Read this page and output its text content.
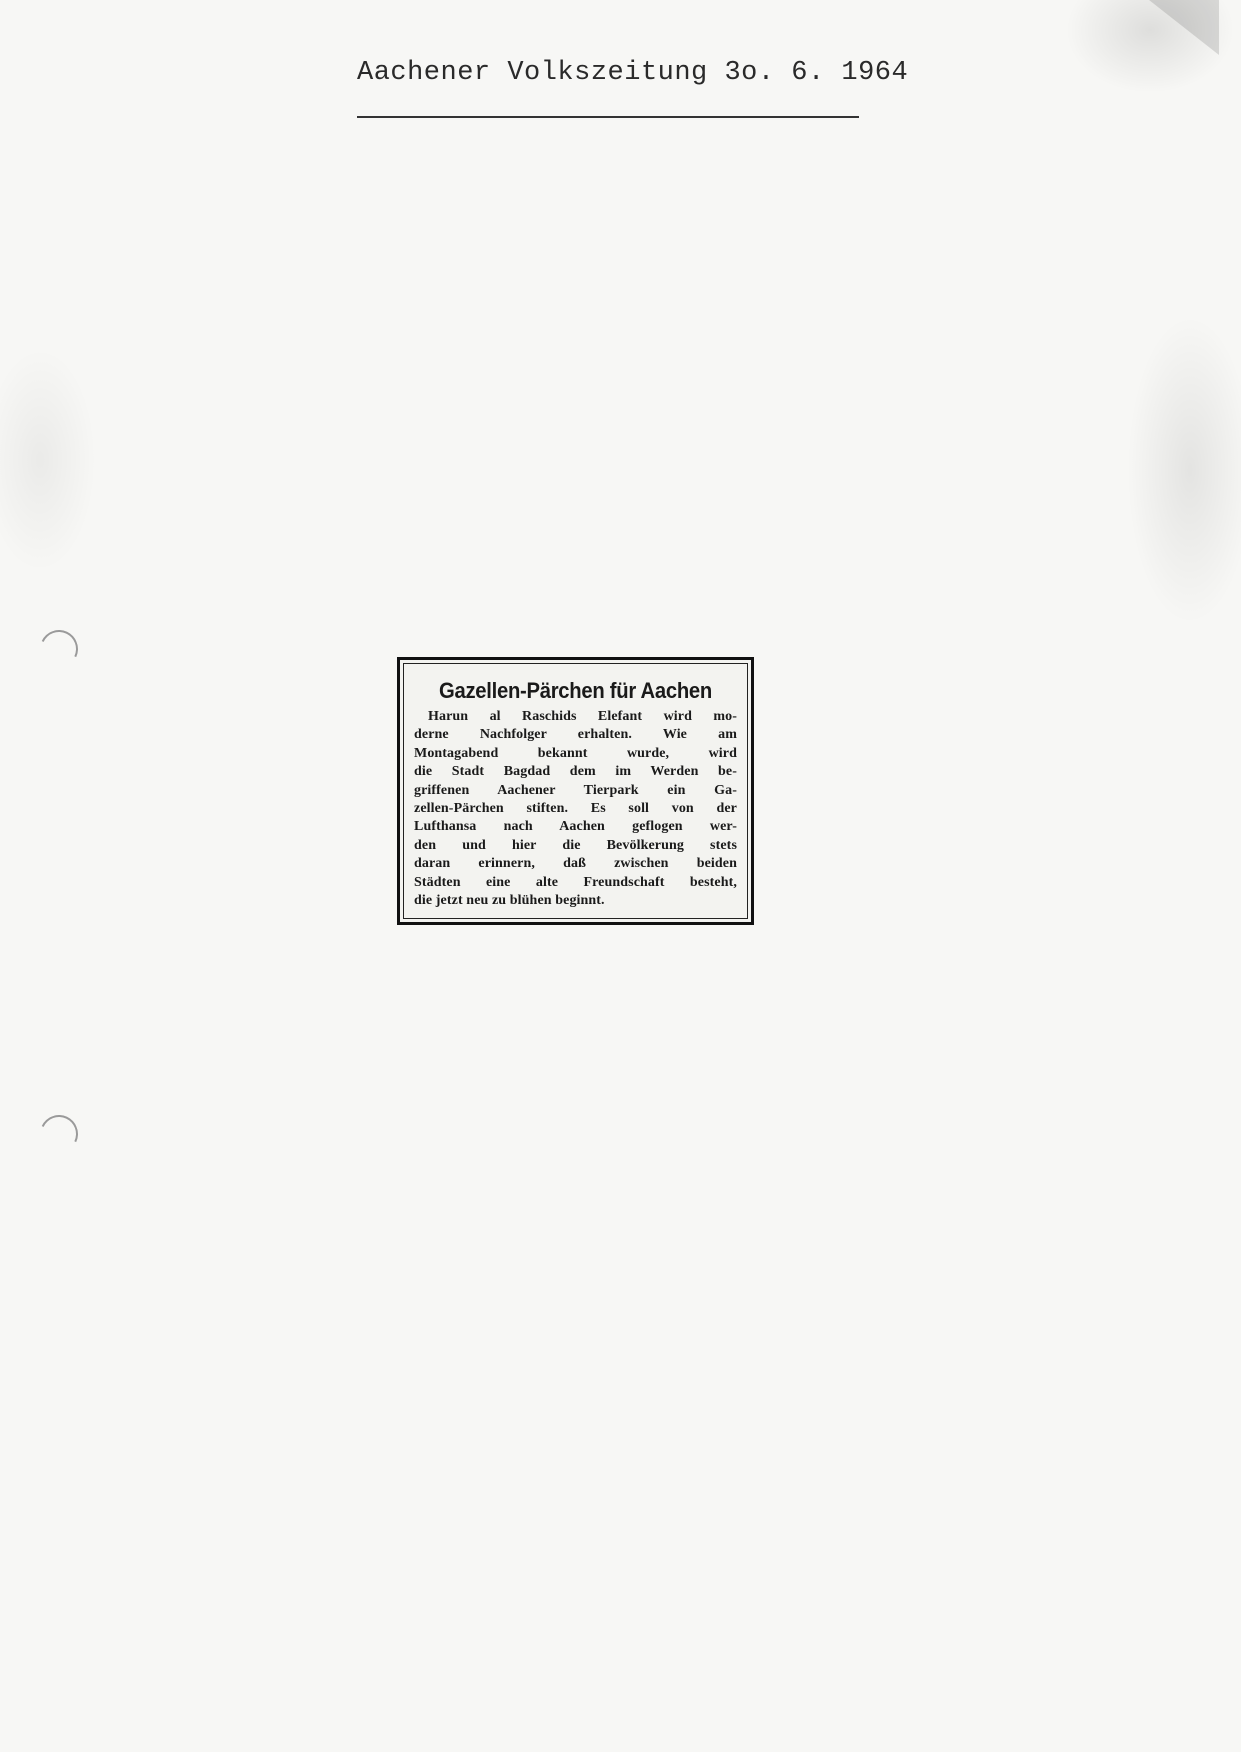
Aachener Volkszeitung 3o. 6. 1964
Gazellen-Pärchen für Aachen
Harun al Raschids Elefant wird mo-
derne Nachfolger erhalten. Wie am
Montagabend bekannt wurde, wird
die Stadt Bagdad dem im Werden be-
griffenen Aachener Tierpark ein Ga-
zellen-Pärchen stiften. Es soll von der
Lufthansa nach Aachen geflogen wer-
den und hier die Bevölkerung stets
daran erinnern, daß zwischen beiden
Städten eine alte Freundschaft besteht,
die jetzt neu zu blühen beginnt.
